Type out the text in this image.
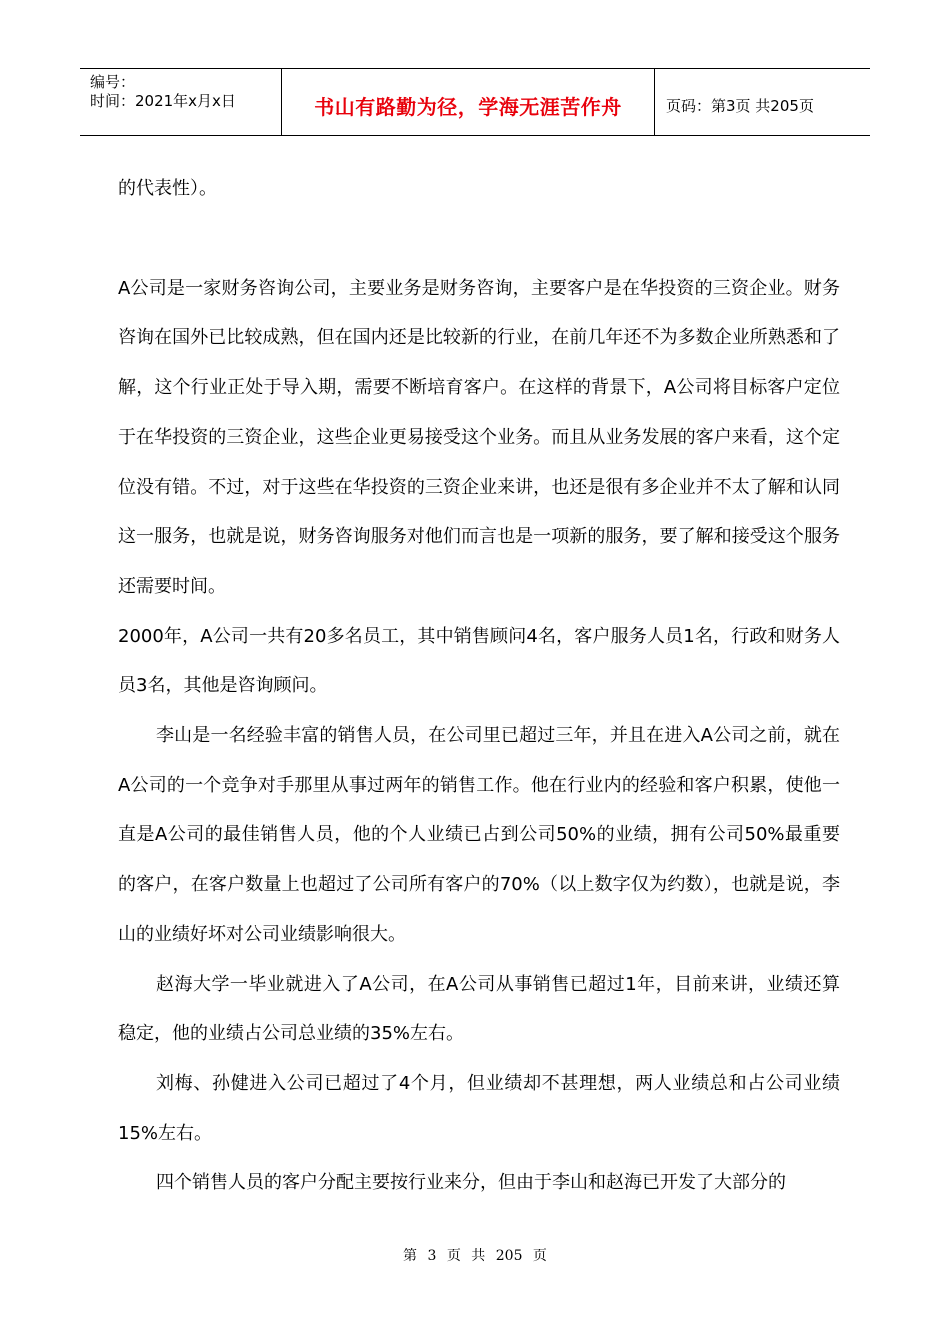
编号：
时间：2021年x月x日	书山有路勤为径，学海无涯苦作舟	页码：第3页 共205页

的代表性）。

A公司是一家财务咨询公司，主要业务是财务咨询，主要客户是在华投资的三资企业。财务咨询在国外已比较成熟，但在国内还是比较新的行业，在前几年还不为多数企业所熟悉和了解，这个行业正处于导入期，需要不断培育客户。在这样的背景下，A公司将目标客户定位于在华投资的三资企业，这些企业更易接受这个业务。而且从业务发展的客户来看，这个定位没有错。不过，对于这些在华投资的三资企业来讲，也还是很有多企业并不太了解和认同这一服务，也就是说，财务咨询服务对他们而言也是一项新的服务，要了解和接受这个服务还需要时间。

2000年，A公司一共有20多名员工，其中销售顾问4名，客户服务人员1名，行政和财务人员3名，其他是咨询顾问。

李山是一名经验丰富的销售人员，在公司里已超过三年，并且在进入A公司之前，就在A公司的一个竞争对手那里从事过两年的销售工作。他在行业内的经验和客户积累，使他一直是A公司的最佳销售人员，他的个人业绩已占到公司50%的业绩，拥有公司50%最重要的客户，在客户数量上也超过了公司所有客户的70%（以上数字仅为约数），也就是说，李山的业绩好坏对公司业绩影响很大。

赵海大学一毕业就进入了A公司，在A公司从事销售已超过1年，目前来讲，业绩还算稳定，他的业绩占公司总业绩的35%左右。

刘梅、孙健进入公司已超过了4个月，但业绩却不甚理想，两人业绩总和占公司业绩15%左右。

四个销售人员的客户分配主要按行业来分，但由于李山和赵海已开发了大部分的

第 3 页 共 205 页
